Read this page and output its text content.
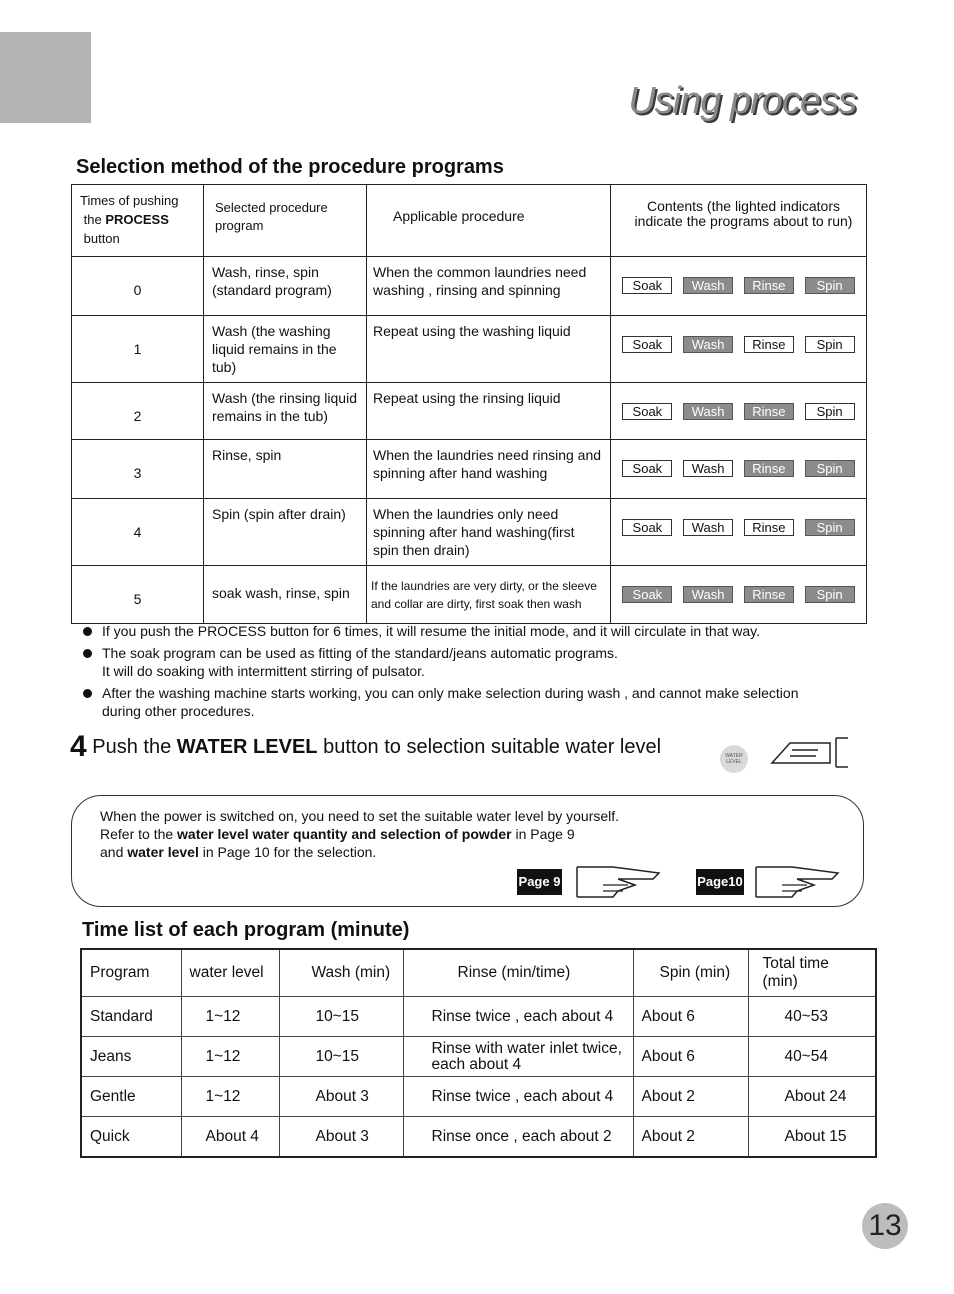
Using process
Selection method of the procedure programs
Times of pushing
the PROCESS
button	Selected procedure program	Applicable procedure	Contents (the lighted indicators indicate the programs about to run)

0	Wash, rinse, spin (standard program)	When the common laundries need washing , rinsing and spinning	Soak Wash Rinse Spin

1	Wash (the washing liquid remains in the tub)	Repeat using the washing liquid	Soak Wash Rinse Spin

2	Wash (the rinsing liquid remains in the tub)	Repeat using the rinsing liquid	Soak Wash Rinse Spin

3	Rinse, spin	When the laundries need rinsing and spinning after hand washing	Soak Wash Rinse Spin

4	Spin (spin after drain)	When the laundries only need spinning after hand washing(first spin then drain)	Soak Wash Rinse Spin

5	soak wash, rinse, spin	If the laundries are very dirty, or the sleeve and collar are dirty, first soak then wash	Soak Wash Rinse Spin
If you push the PROCESS button for 6 times, it will resume the initial mode, and it will circulate in that way.
The soak program can be used as fitting of the standard/jeans automatic programs.
It will do soaking with intermittent stirring of pulsator.
After the washing machine starts working, you can only make selection during wash , and cannot make selection
during other procedures.
4 Push the WATER LEVEL button to selection suitable water level	WATER
LEVEL
When the power is switched on, you need to set the suitable water level by yourself.
Refer to the water level water quantity and selection of powder in Page 9
and water level in Page 10 for the selection.
Page 9	Page10
Time list of each program (minute)
Program	water level	Wash (min)	Rinse (min/time)	Spin (min)	Total time (min)
Standard	1~12	10~15	Rinse twice , each about 4	About 6	40~53
Jeans	1~12	10~15	Rinse with water inlet twice, each about 4	About 6	40~54
Gentle	1~12	About 3	Rinse twice , each about 4	About 2	About 24
Quick	About 4	About 3	Rinse once , each about 2	About 2	About 15
13
